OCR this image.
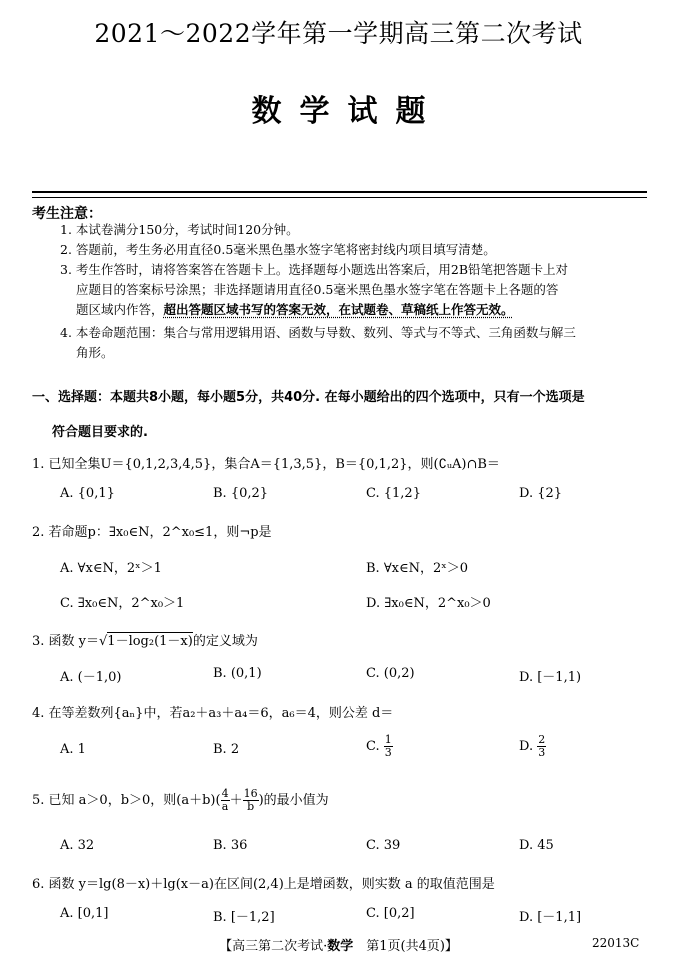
2021～2022学年第一学期高三第二次考试
数学试题
考生注意：
1. 本试卷满分150分，考试时间120分钟。
2. 答题前，考生务必用直径0.5毫米黑色墨水签字笔将密封线内项目填写清楚。
3. 考生作答时，请将答案答在答题卡上。选择题每小题选出答案后，用2B铅笔把答题卡上对
应题目的答案标号涂黑；非选择题请用直径0.5毫米黑色墨水签字笔在答题卡上各题的答
题区域内作答，超出答题区域书写的答案无效，在试题卷、草稿纸上作答无效。
4. 本卷命题范围：集合与常用逻辑用语、函数与导数、数列、等式与不等式、三角函数与解三
角形。
一、选择题：本题共8小题，每小题5分，共40分. 在每小题给出的四个选项中，只有一个选项是
符合题目要求的.
1. 已知全集U＝{0,1,2,3,4,5}，集合A＝{1,3,5}，B＝{0,1,2}，则(∁ᵤA)∩B＝
A. {0,1}	B. {0,2}	C. {1,2}	D. {2}
2. 若命题p：∃x₀∈N，2^x₀≤1，则¬p是
A. ∀x∈N，2ˣ＞1	B. ∀x∈N，2ˣ＞0
C. ∃x₀∈N，2^x₀＞1	D. ∃x₀∈N，2^x₀＞0
3. 函数 y＝√1－log₂(1－x)的定义域为
A. (－1,0)	B. (0,1)	C. (0,2)	D. [－1,1)
4. 在等差数列{aₙ}中，若a₂＋a₃＋a₄＝6，a₆＝4，则公差 d＝
A. 1	B. 2	C. $\frac{1}{3}$	D. $\frac{2}{3}$
5. 已知 a＞0，b＞0，则$(a+b)( \frac{4}{a} + \frac{16}{b}$ )的最小值为
A. 32	B. 36	C. 39	D. 45
6. 函数 y＝lg(8－x)＋lg(x－a)在区间(2,4)上是增函数，则实数 a 的取值范围是
A. [0,1]	B. [－1,2]	C. [0,2]	D. [－1,1]
【高三第二次考试·数学　第1页(共4页)】	22013C
